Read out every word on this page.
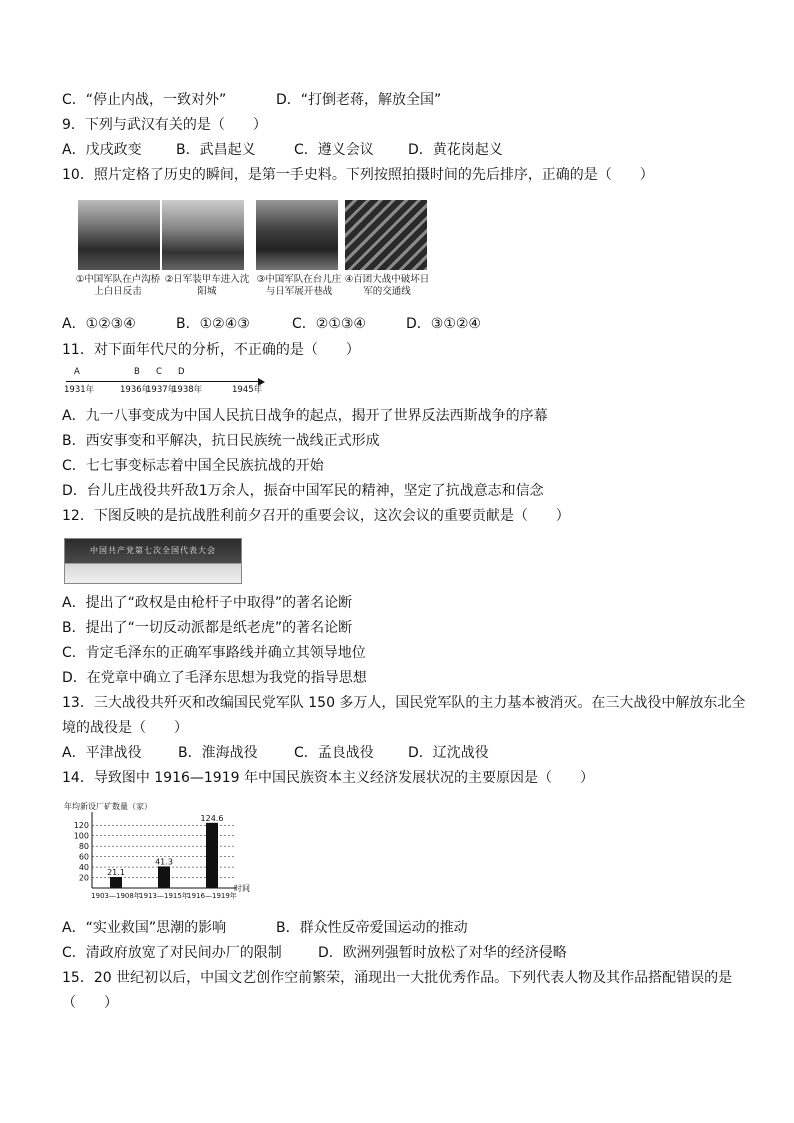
C．“停止内战，一致对外”	D．“打倒老蒋，解放全国”
9．下列与武汉有关的是（　　）
A．戊戌政变 B．武昌起义	C．遵义会议 D．黄花岗起义
10．照片定格了历史的瞬间，是第一手史料。下列按照拍摄时间的先后排序，正确的是（　　）
①中国军队在卢沟桥上白日反击
②日军装甲车进入沈阳城
③中国军队在台儿庄与日军展开巷战
④百团大战中破坏日军的交通线
A．①②③④	B．①②④③	C．②①③④	D．③①②④
11．对下面年代尺的分析，不正确的是（　　）
A	B C D
1931年	1936年
1937年
1938年	1945年
A．九一八事变成为中国人民抗日战争的起点，揭开了世界反法西斯战争的序幕
B．西安事变和平解决，抗日民族统一战线正式形成
C．七七事变标志着中国全民族抗战的开始
D．台儿庄战役共歼敌1万余人，振奋中国军民的精神，坚定了抗战意志和信念
12．下图反映的是抗战胜利前夕召开的重要会议，这次会议的重要贡献是（　　）
中国共产党第七次全国代表大会
A．提出了“政权是由枪杆子中取得”的著名论断
B．提出了“一切反动派都是纸老虎”的著名论断
C．肯定毛泽东的正确军事路线并确立其领导地位
D．在党章中确立了毛泽东思想为我党的指导思想
13．三大战役共歼灭和改编国民党军队 150 多万人，国民党军队的主力基本被消灭。在三大战役中解放东北全
境的战役是（　　）
A．平津战役	B．淮海战役	C．孟良战役 D．辽沈战役
14．导致图中 1916—1919 年中国民族资本主义经济发展状况的主要原因是（　　）
年均新设厂矿数量（家）
20
40
60
80
100
120
21.1
41.3
124.6
1903—1908年
1913—1915年
1916—1919年
时间
A．“实业救国”思潮的影响	B．群众性反帝爱国运动的推动
C．清政府放宽了对民间办厂的限制	D．欧洲列强暂时放松了对华的经济侵略
15．20 世纪初以后，中国文艺创作空前繁荣，涌现出一大批优秀作品。下列代表人物及其作品搭配错误的是
（　　）
